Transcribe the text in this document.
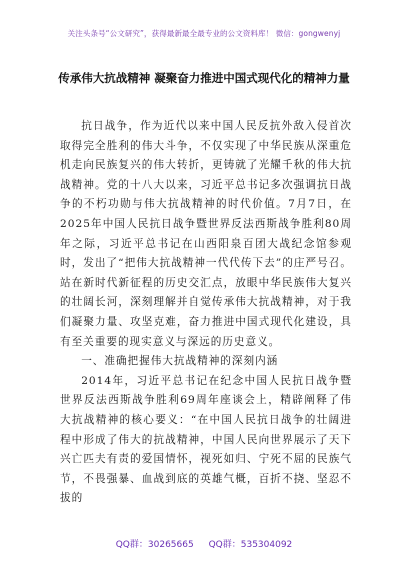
关注头条号“公文研究”，获得最新最全最专业的公文资料库！ 微信：gongwenyj
传承伟大抗战精神 凝聚奋力推进中国式现代化的精神力量

抗日战争，作为近代以来中国人民反抗外敌入侵首次取得完全胜利的伟大斗争，不仅实现了中华民族从深重危机走向民族复兴的伟大转折，更铸就了光耀千秋的伟大抗战精神。党的十八大以来，习近平总书记多次强调抗日战争的不朽功勋与伟大抗战精神的时代价值。7月7日，在2025年中国人民抗日战争暨世界反法西斯战争胜利80周年之际，习近平总书记在山西阳泉百团大战纪念馆参观时，发出了“把伟大抗战精神一代代传下去”的庄严号召。站在新时代新征程的历史交汇点，放眼中华民族伟大复兴的壮阔长河，深刻理解并自觉传承伟大抗战精神，对于我们凝聚力量、攻坚克难，奋力推进中国式现代化建设，具有至关重要的现实意义与深远的历史意义。

一、准确把握伟大抗战精神的深刻内涵

2014年，习近平总书记在纪念中国人民抗日战争暨世界反法西斯战争胜利69周年座谈会上，精辟阐释了伟大抗战精神的核心要义：“在中国人民抗日战争的壮阔进程中形成了伟大的抗战精神，中国人民向世界展示了天下兴亡匹夫有责的爱国情怀，视死如归、宁死不屈的民族气节，不畏强暴、血战到底的英雄气概，百折不挠、坚忍不拔的

QQ群：30265665 QQ群：535304092
